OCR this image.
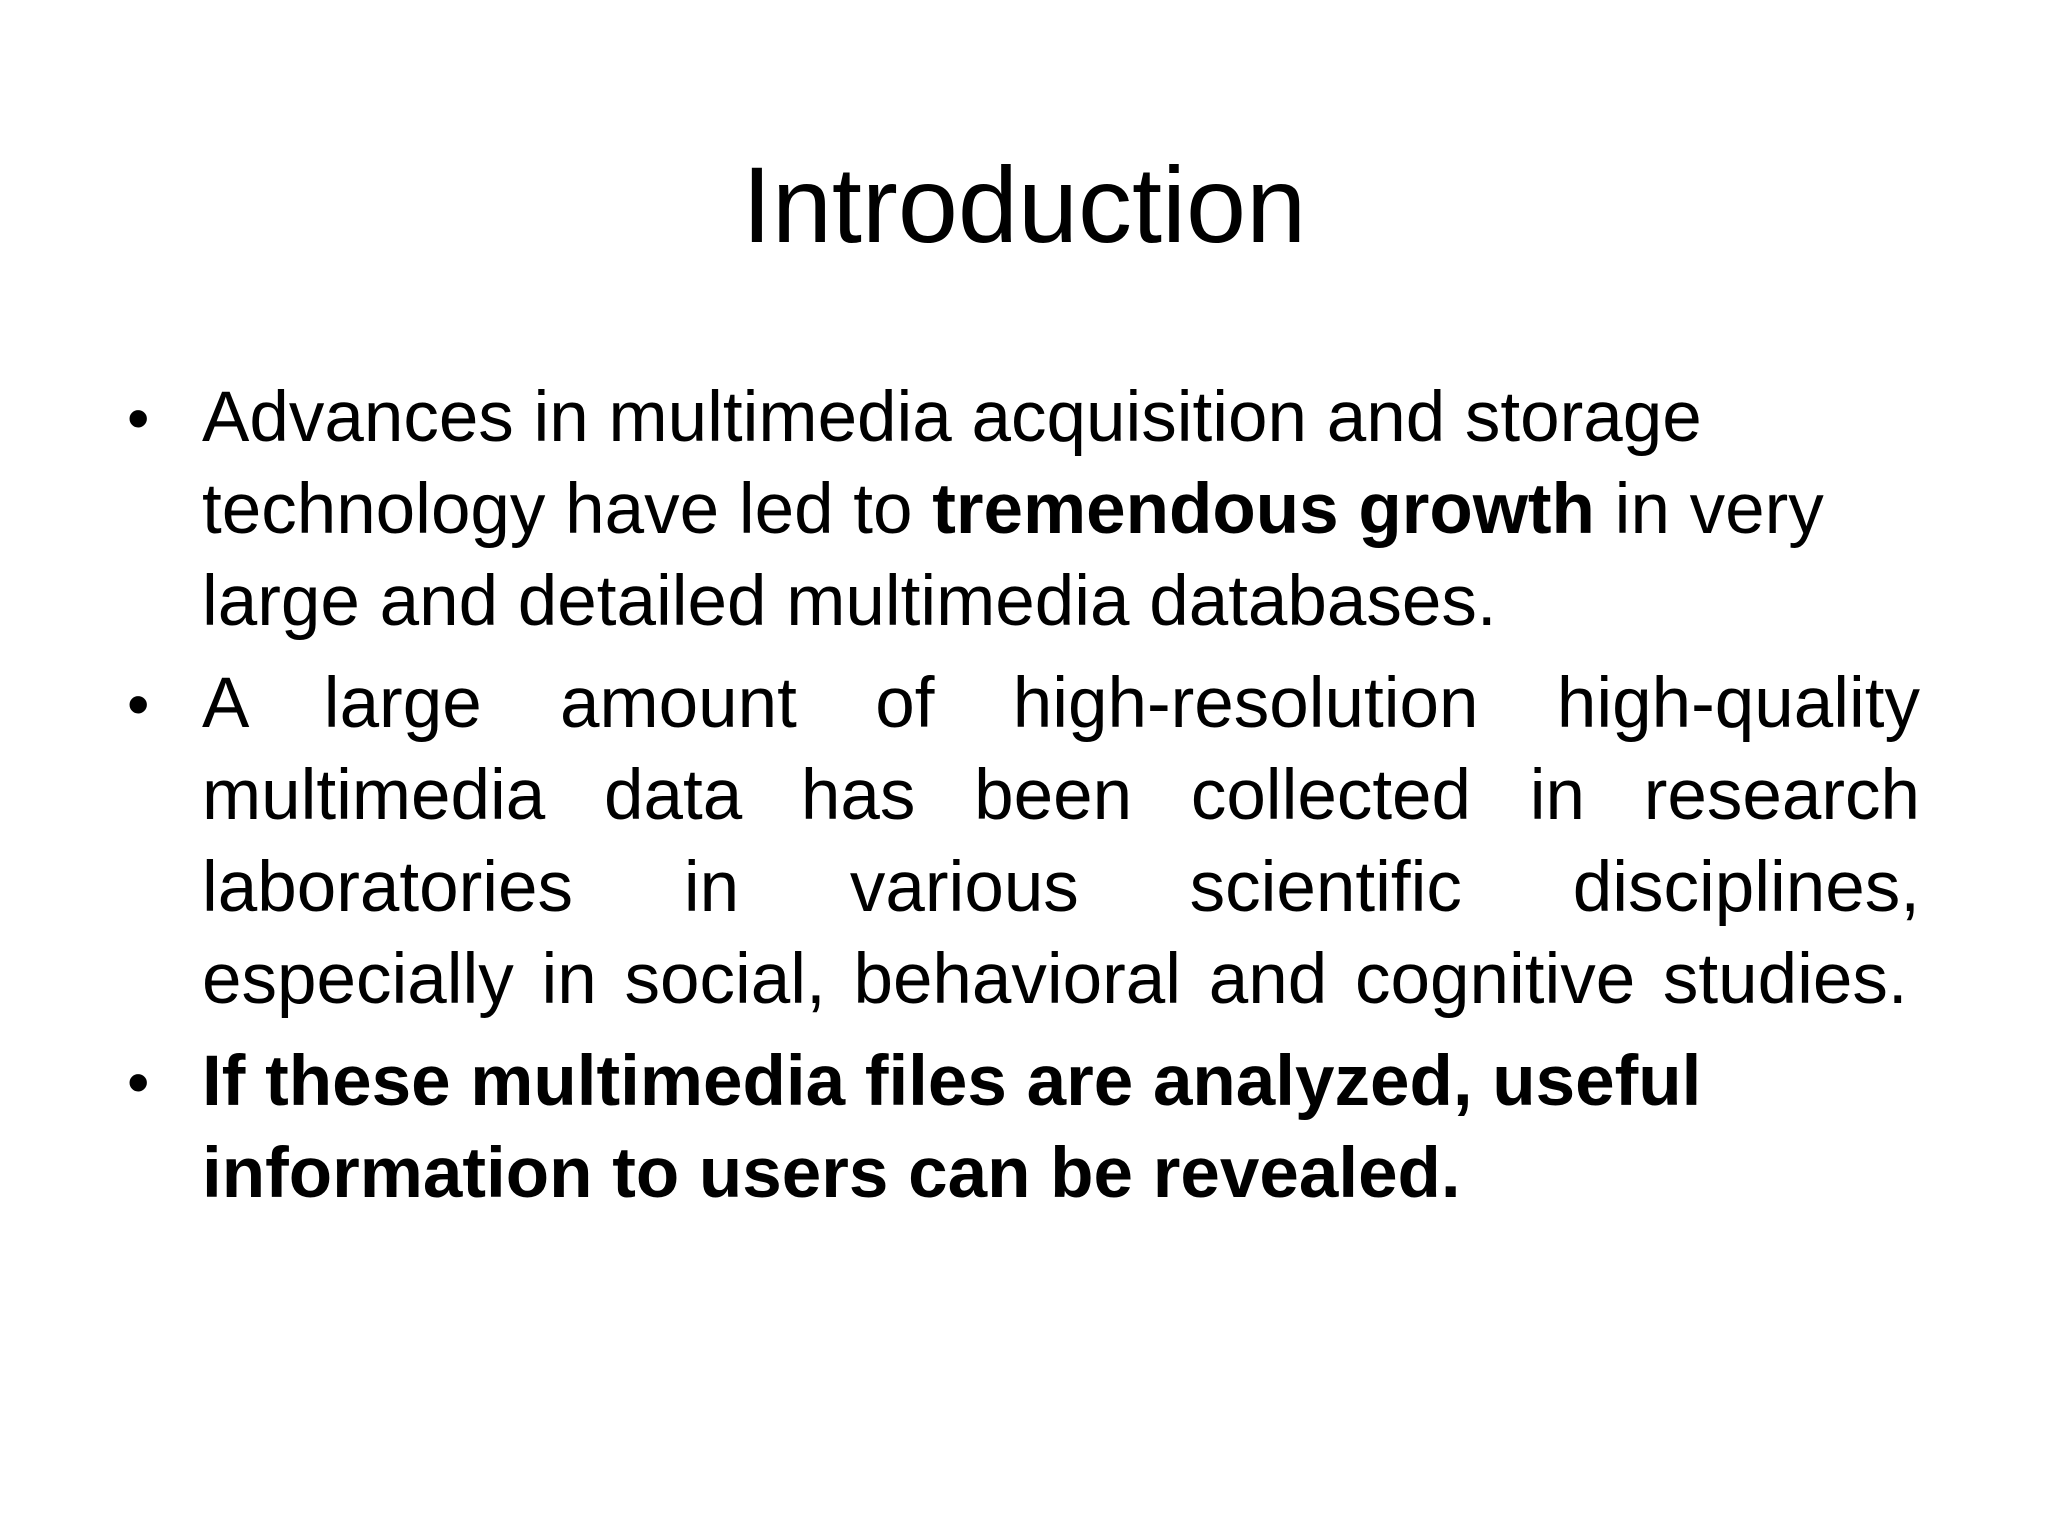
Introduction
• Advances in multimedia acquisition and storage technology have led to tremendous growth in very large and detailed multimedia databases.
• A large amount of high-resolution high-quality multimedia data has been collected in research laboratories in various scientific disciplines, especially in social, behavioral and cognitive studies.
• If these multimedia files are analyzed, useful information to users can be revealed.
